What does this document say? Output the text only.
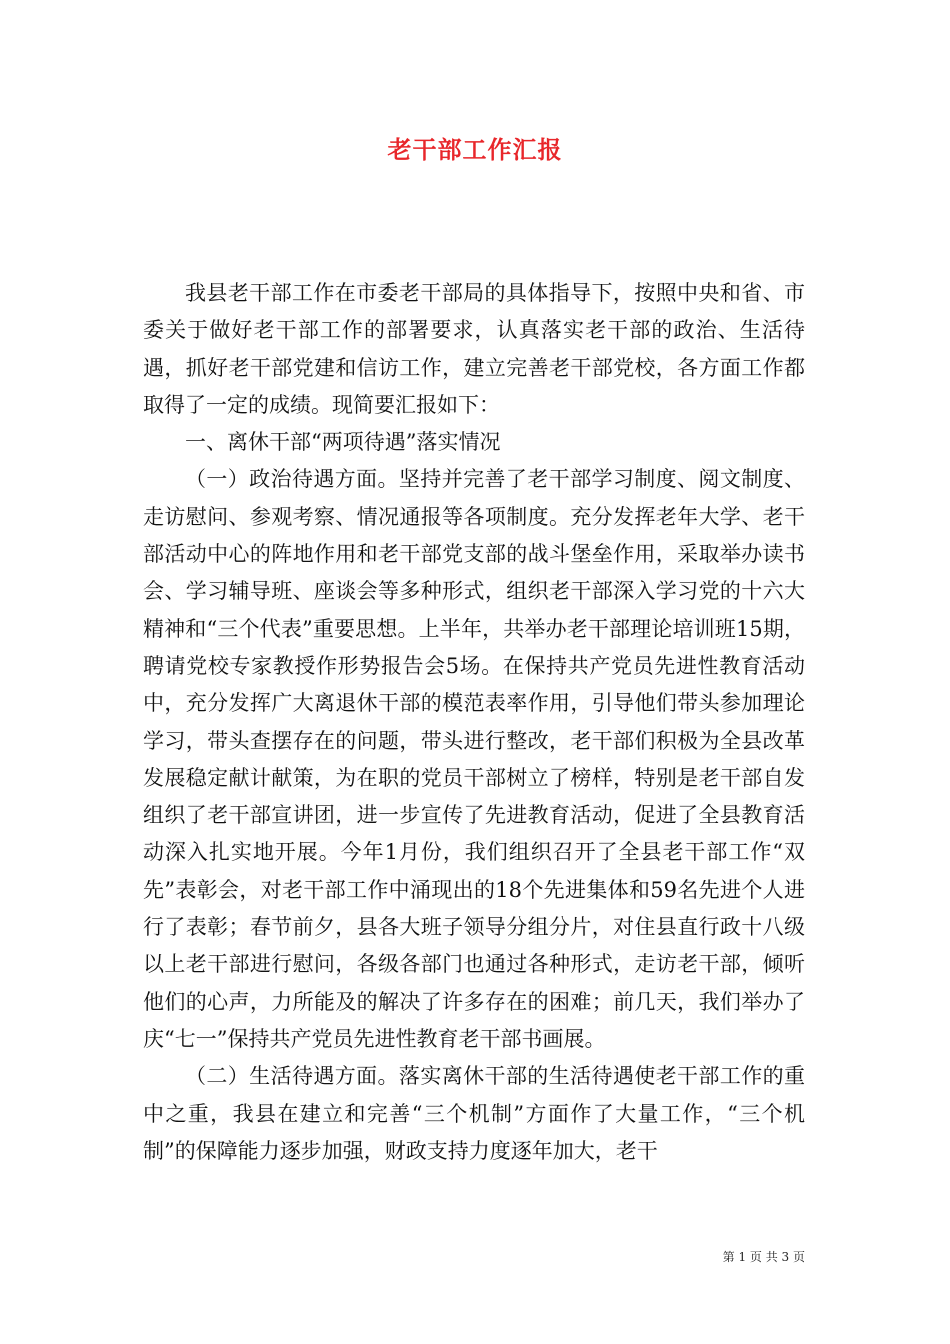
老干部工作汇报

我县老干部工作在市委老干部局的具体指导下，按照中央和省、市委关于做好老干部工作的部署要求，认真落实老干部的政治、生活待遇，抓好老干部党建和信访工作，建立完善老干部党校，各方面工作都取得了一定的成绩。现简要汇报如下：

一、离休干部“两项待遇”落实情况

（一）政治待遇方面。坚持并完善了老干部学习制度、阅文制度、走访慰问、参观考察、情况通报等各项制度。充分发挥老年大学、老干部活动中心的阵地作用和老干部党支部的战斗堡垒作用，采取举办读书会、学习辅导班、座谈会等多种形式，组织老干部深入学习党的十六大精神和“三个代表”重要思想。上半年，共举办老干部理论培训班15期，聘请党校专家教授作形势报告会5场。在保持共产党员先进性教育活动中，充分发挥广大离退休干部的模范表率作用，引导他们带头参加理论学习，带头查摆存在的问题，带头进行整改，老干部们积极为全县改革发展稳定献计献策，为在职的党员干部树立了榜样，特别是老干部自发组织了老干部宣讲团，进一步宣传了先进教育活动，促进了全县教育活动深入扎实地开展。今年1月份，我们组织召开了全县老干部工作“双先”表彰会，对老干部工作中涌现出的18个先进集体和59名先进个人进行了表彰；春节前夕，县各大班子领导分组分片，对住县直行政十八级以上老干部进行慰问，各级各部门也通过各种形式，走访老干部，倾听他们的心声，力所能及的解决了许多存在的困难；前几天，我们举办了庆“七一”保持共产党员先进性教育老干部书画展。

（二）生活待遇方面。落实离休干部的生活待遇使老干部工作的重中之重，我县在建立和完善“三个机制”方面作了大量工作，“三个机制”的保障能力逐步加强，财政支持力度逐年加大，老干

第 1 页 共 3 页
